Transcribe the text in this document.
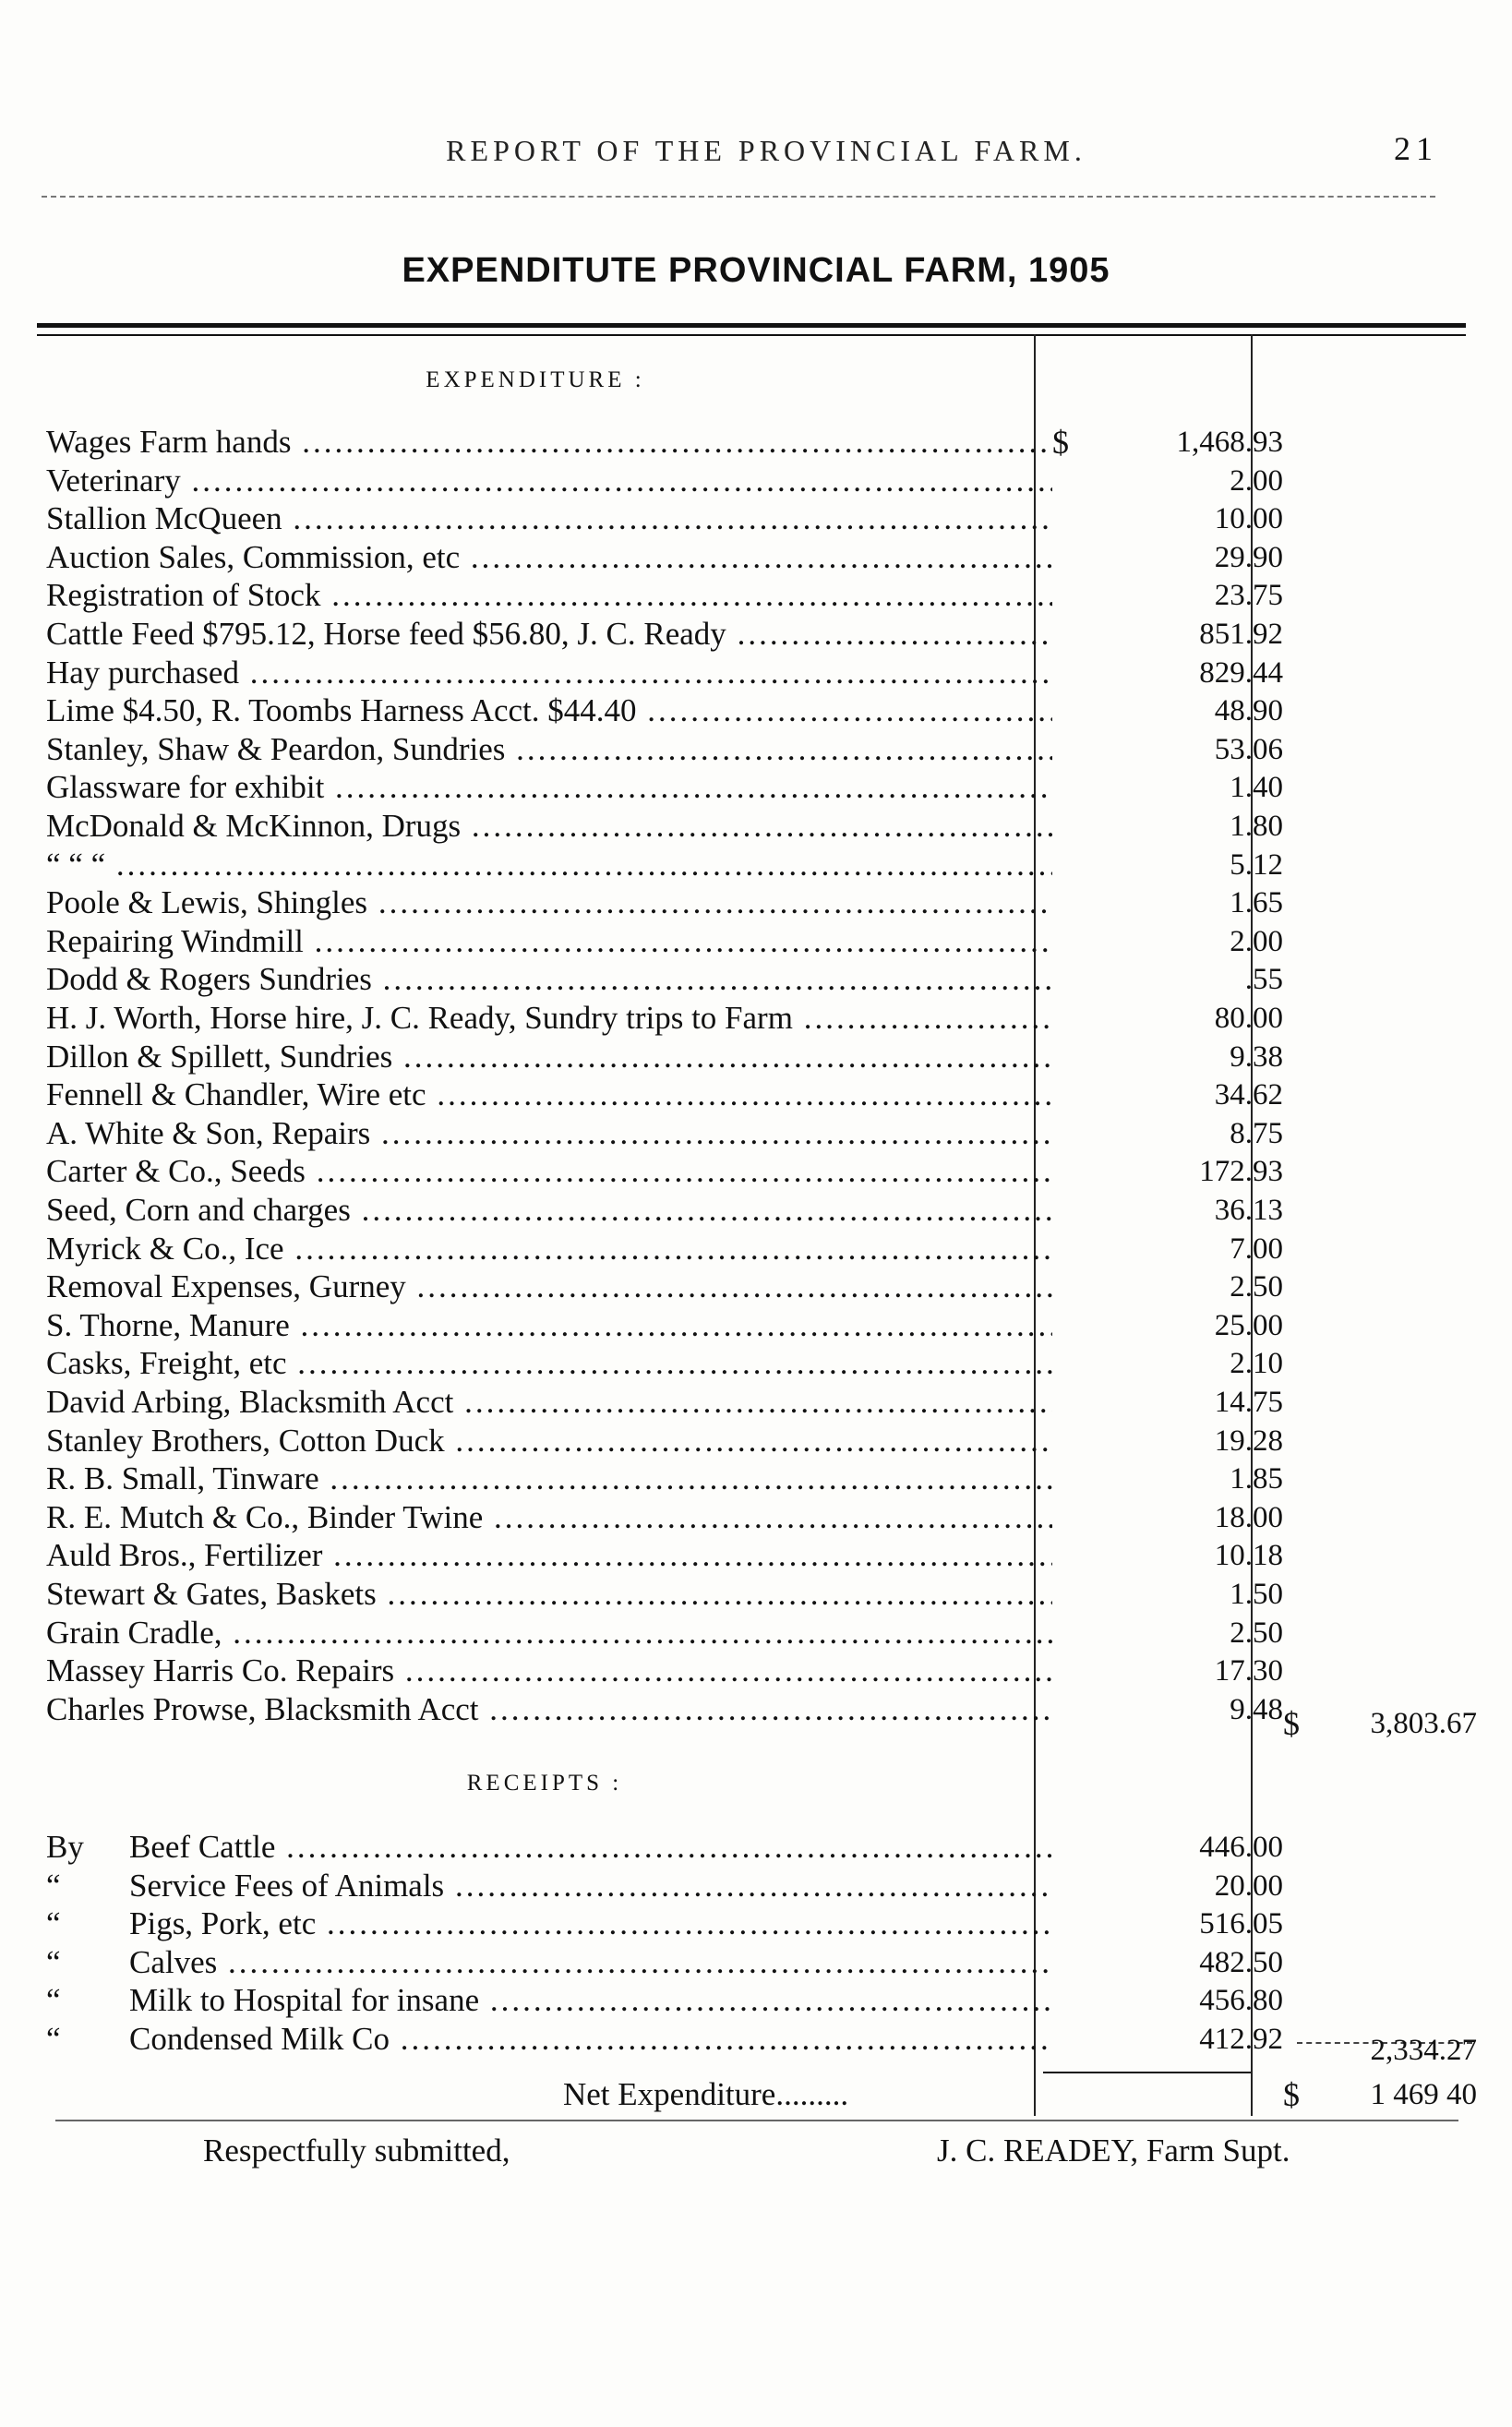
REPORT OF THE PROVINCIAL FARM.	21
EXPENDITUTE PROVINCIAL FARM, 1905
EXPENDITURE :
Wages Farm hands .....	1,468.93
Veterinary .....	2.00
Stallion McQueen .....	10.00
Auction Sales, Commission, etc .....	29.90
Registration of Stock .....	23.75
Cattle Feed $795.12, Horse feed $56.80, J. C. Ready .....	851.92
Hay purchased .....	829.44
Lime $4.50, R. Toombs Harness Acct. $44.40 .....	48.90
Stanley, Shaw & Peardon, Sundries .....	53.06
Glassware for exhibit .....	1.40
McDonald & McKinnon, Drugs .....	1.80
“ “ “ .....	5.12
Poole & Lewis, Shingles .....	1.65
Repairing Windmill .....	2.00
Dodd & Rogers Sundries .....	.55
H. J. Worth, Horse hire, J. C. Ready, Sundry trips to Farm .....	80.00
Dillon & Spillett, Sundries .....	9.38
Fennell & Chandler, Wire etc .....	34.62
A. White & Son, Repairs .....	8.75
Carter & Co., Seeds .....	172.93
Seed, Corn and charges .....	36.13
Myrick & Co., Ice .....	7.00
Removal Expenses, Gurney .....	2.50
S. Thorne, Manure .....	25.00
Casks, Freight, etc .....	2.10
David Arbing, Blacksmith Acct .....	14.75
Stanley Brothers, Cotton Duck .....	19.28
R. B. Small, Tinware .....	1.85
R. E. Mutch & Co., Binder Twine .....	18.00
Auld Bros., Fertilizer .....	10.18
Stewart & Gates, Baskets .....	1.50
Grain Cradle, .....	2.50
Massey Harris Co. Repairs .....	17.30
Charles Prowse, Blacksmith Acct .....	9.48
$
$	3,803.67
RECEIPTS :
By	Beef Cattle .....	446.00
“	Service Fees of Animals .....	20.00
“	Pigs, Pork, etc .....	516.05
“	Calves .....	482.50
“	Milk to Hospital for insane .....	456.80
“	Condensed Milk Co .....	412.92	2,334.27
Net Expenditure.........	$	1 469 40
Respectfully submitted,	J. C. READEY, Farm Supt.
